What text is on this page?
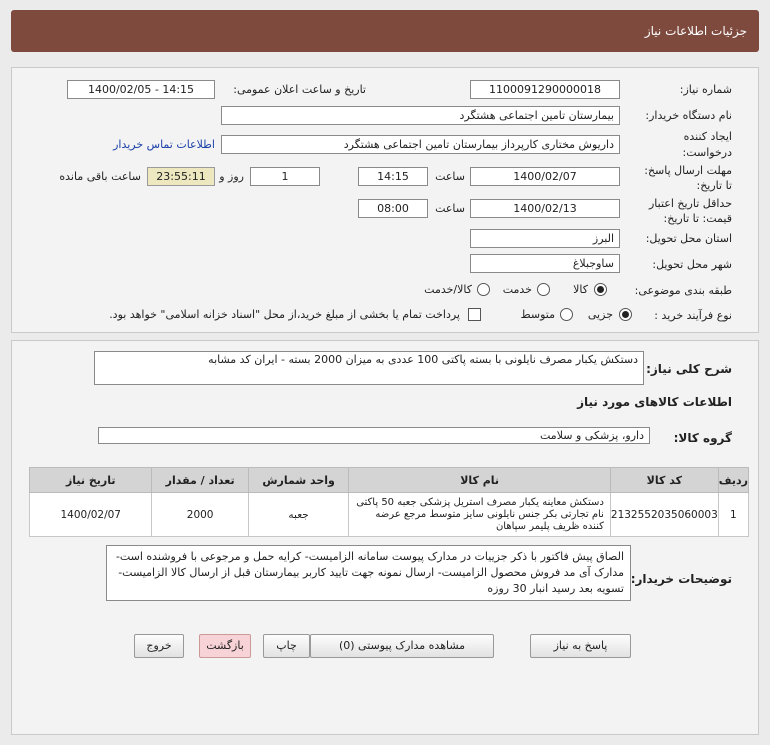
جزئیات اطلاعات نیاز
شماره نیاز:
1100091290000018
تاریخ و ساعت اعلان عمومی:
1400/02/05 - 14:15
نام دستگاه خریدار:
بیمارستان تامین اجتماعی هشتگرد
ایجاد کننده
درخواست:
داریوش مختاری کارپرداز بیمارستان تامین اجتماعی هشتگرد
اطلاعات تماس خریدار
مهلت ارسال پاسخ:
تا تاریخ:
1400/02/07
ساعت
14:15
1
روز و
23:55:11
ساعت باقی مانده
حداقل تاریخ اعتبار
قیمت: تا تاریخ:
1400/02/13
ساعت
08:00
استان محل تحویل:
البرز
شهر محل تحویل:
ساوجبلاغ
طبقه بندی موضوعی:
کالا
خدمت
کالا/خدمت
نوع فرآیند خرید :
جزیی
متوسط
پرداخت تمام یا بخشی از مبلغ خرید،از محل "اسناد خزانه اسلامی" خواهد بود.
شرح کلی نیاز:
دستکش یکبار مصرف نایلونی با بسته پاکتی 100 عددی به میزان 2000 بسته - ایران کد مشابه
اطلاعات کالاهای مورد نیاز
گروه کالا:
دارو، پزشکی و سلامت
ردیف	کد کالا	نام کالا	واحد شمارش	تعداد / مقدار	تاریخ نیاز
1	2132552035060003	دستکش معاینه یکبار مصرف استریل پزشکی جعبه 50 پاکتی نام تجارتی بکر جنس نایلونی سایز متوسط مرجع عرضه کننده ظریف پلیمر سپاهان	جعبه	2000	1400/02/07
توضیحات خریدار:
الصاق پیش فاکتور با ذکر جزییات در مدارک پیوست سامانه الزامیست- کرایه حمل و مرجوعی با فروشنده است- مدارک آی مد فروش محصول الزامیست- ارسال نمونه جهت تایید کاربر بیمارستان قبل از ارسال کالا الزامیست- تسویه بعد رسید انبار 30 روزه
پاسخ به نیاز
مشاهده مدارک پیوستی (0)
چاپ
بازگشت
خروج
